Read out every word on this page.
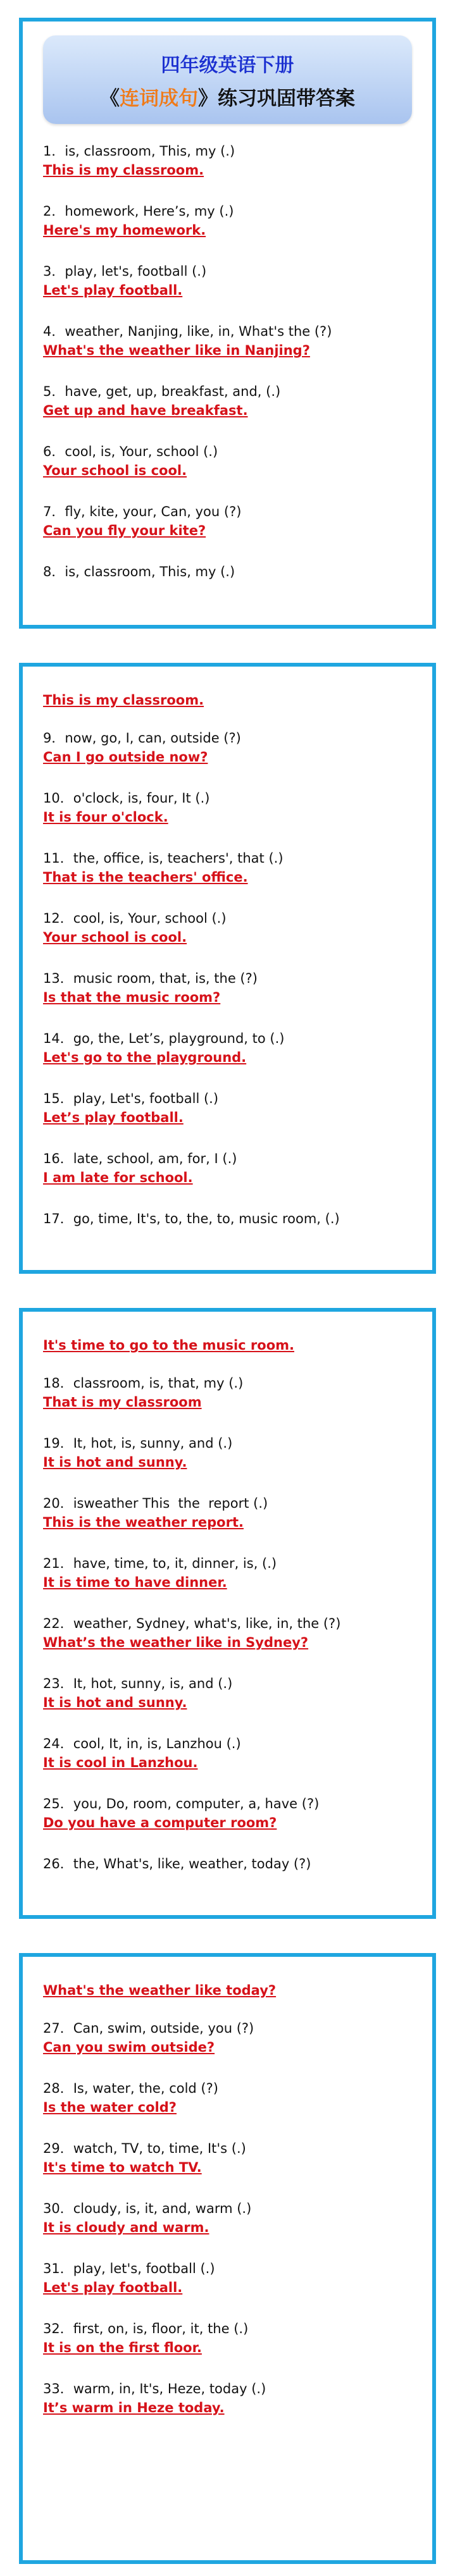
四年级英语下册
《连词成句》练习巩固带答案
1．is, classroom, This, my (.)
This is my classroom.
2．homework, Here’s, my (.)
Here's my homework.
3．play, let's, football (.)
Let's play football.
4．weather, Nanjing, like, in, What's the (?)
What's the weather like in Nanjing?
5．have, get, up, breakfast, and, (.)
Get up and have breakfast.
6．cool, is, Your, school (.)
Your school is cool.
7．fly, kite, your, Can, you (?)
Can you fly your kite?
8．is, classroom, This, my (.)
This is my classroom.
9．now, go, I, can, outside (?)
Can I go outside now?
10．o'clock, is, four, It (.)
It is four o'clock.
11．the, office, is, teachers', that (.)
That is the teachers' office.
12．cool, is, Your, school (.)
Your school is cool.
13．music room, that, is, the (?)
Is that the music room?
14．go, the, Let’s, playground, to (.)
Let's go to the playground.
15．play, Let's, football (.)
Let’s play football.
16．late, school, am, for, I (.)
I am late for school.
17．go, time, It's, to, the, to, music room, (.)
It's time to go to the music room.
18．classroom, is, that, my (.)
That is my classroom
19．It, hot, is, sunny, and (.)
It is hot and sunny.
20．isweather This  the  report (.)
This is the weather report.
21．have, time, to, it, dinner, is, (.)
It is time to have dinner.
22．weather, Sydney, what's, like, in, the (?)
What’s the weather like in Sydney?
23．It, hot, sunny, is, and (.)
It is hot and sunny.
24．cool, It, in, is, Lanzhou (.)
It is cool in Lanzhou.
25．you, Do, room, computer, a, have (?)
Do you have a computer room?
26．the, What's, like, weather, today (?)
What's the weather like today?
27．Can, swim, outside, you (?)
Can you swim outside?
28．Is, water, the, cold (?)
Is the water cold?
29．watch, TV, to, time, It's (.)
It's time to watch TV.
30．cloudy, is, it, and, warm (.)
It is cloudy and warm.
31．play, let's, football (.)
Let's play football.
32．first, on, is, floor, it, the (.)
It is on the first floor.
33．warm, in, It's, Heze, today (.)
It’s warm in Heze today.
